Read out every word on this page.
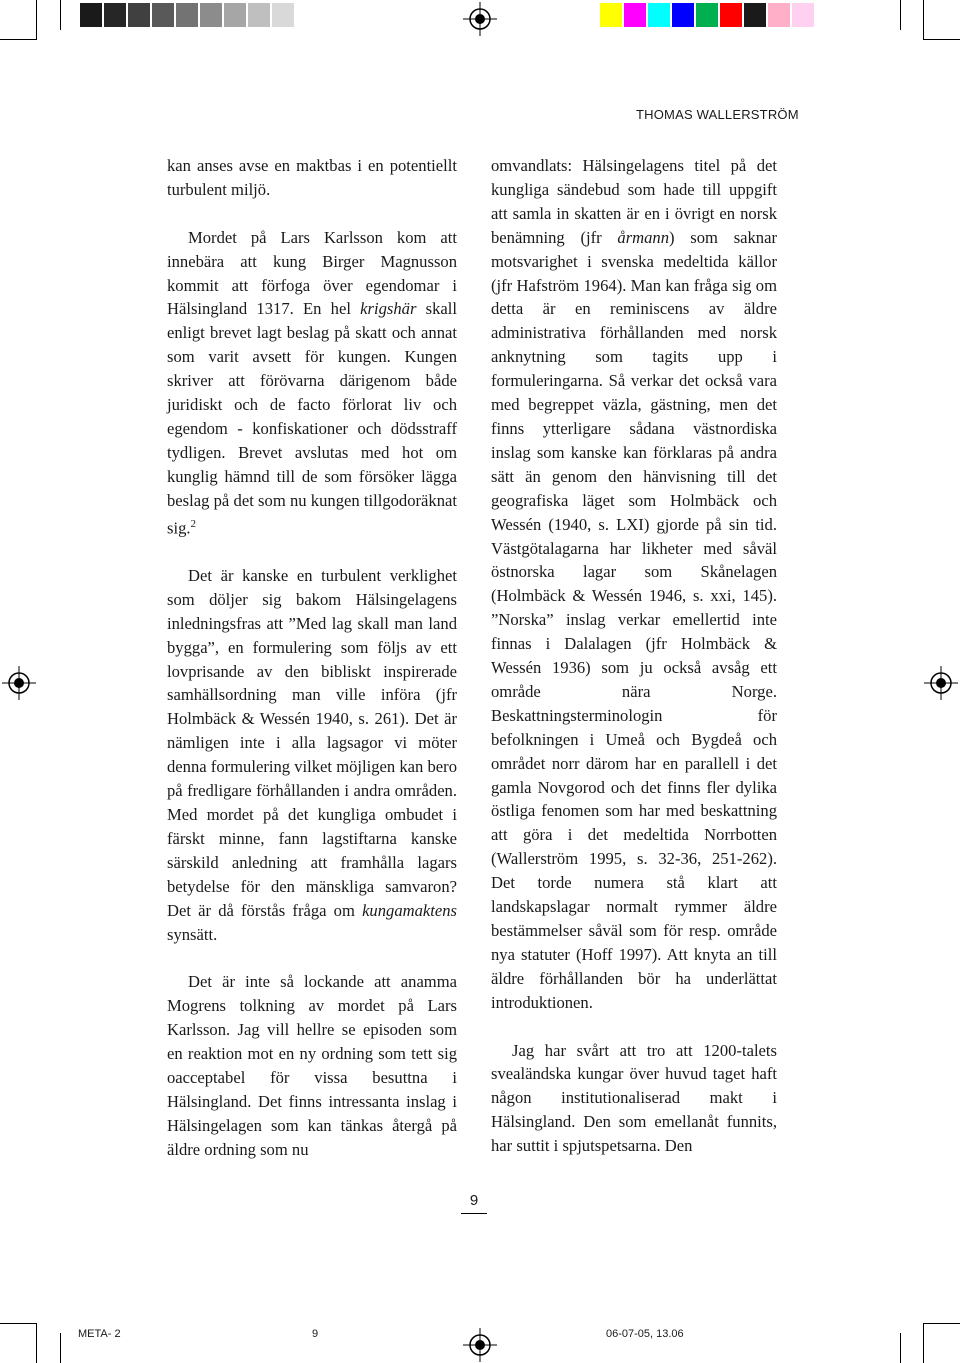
THOMAS WALLERSTRÖM

kan anses avse en maktbas i en potentiellt turbulent miljö.

Mordet på Lars Karlsson kom att innebära att kung Birger Magnusson kommit att förfoga över egendomar i Hälsingland 1317. En hel krigshär skall enligt brevet lagt beslag på skatt och annat som varit avsett för kungen. Kungen skriver att förövarna därigenom både juridiskt och de facto förlorat liv och egendom - konfiskationer och dödsstraff tydligen. Brevet avslutas med hot om kunglig hämnd till de som försöker lägga beslag på det som nu kungen tillgodoräknat sig.$^2$

Det är kanske en turbulent verklighet som döljer sig bakom Hälsingelagens inledningsfras att ”Med lag skall man land bygga”, en formulering som följs av ett lovprisande av den bibliskt inspirerade samhällsordning man ville införa (jfr Holmbäck & Wessén 1940, s. 261). Det är nämligen inte i alla lagsagor vi möter denna formulering vilket möjligen kan bero på fredligare förhållanden i andra områden. Med mordet på det kungliga ombudet i färskt minne, fann lagstiftarna kanske särskild anledning att framhålla lagars betydelse för den mänskliga samvaron? Det är då förstås fråga om kungamaktens synsätt.

Det är inte så lockande att anamma Mogrens tolkning av mordet på Lars Karlsson. Jag vill hellre se episoden som en reaktion mot en ny ordning som tett sig oacceptabel för vissa besuttna i Hälsingland. Det finns intressanta inslag i Hälsingelagen som kan tänkas återgå på äldre ordning som nu

omvandlats: Hälsingelagens titel på det kungliga sändebud som hade till uppgift att samla in skatten är en i övrigt en norsk benämning (jfr årmann) som saknar motsvarighet i svenska medeltida källor (jfr Hafström 1964). Man kan fråga sig om detta är en reminiscens av äldre administrativa förhållanden med norsk anknytning som tagits upp i formuleringarna. Så verkar det också vara med begreppet väzla, gästning, men det finns ytterligare sådana västnordiska inslag som kanske kan förklaras på andra sätt än genom den hänvisning till det geografiska läget som Holmbäck och Wessén (1940, s. LXI) gjorde på sin tid. Västgötalagarna har likheter med såväl östnorska lagar som Skånelagen (Holmbäck & Wessén 1946, s. xxi, 145). ”Norska” inslag verkar emellertid inte finnas i Dalalagen (jfr Holmbäck & Wessén 1936) som ju också avsåg ett område nära Norge. Beskattningsterminologin för befolkningen i Umeå och Bygdeå och området norr därom har en parallell i det gamla Novgorod och det finns fler dylika östliga fenomen som har med beskattning att göra i det medeltida Norrbotten (Wallerström 1995, s. 32-36, 251-262). Det torde numera stå klart att landskapslagar normalt rymmer äldre bestämmelser såväl som för resp. område nya statuter (Hoff 1997). Att knyta an till äldre förhållanden bör ha underlättat introduktionen.

Jag har svårt att tro att 1200-talets svealändska kungar över huvud taget haft någon institutionaliserad makt i Hälsingland. Den som emellanåt funnits, har suttit i spjutspetsarna. Den

9
META- 2	9	06-07-05, 13.06
